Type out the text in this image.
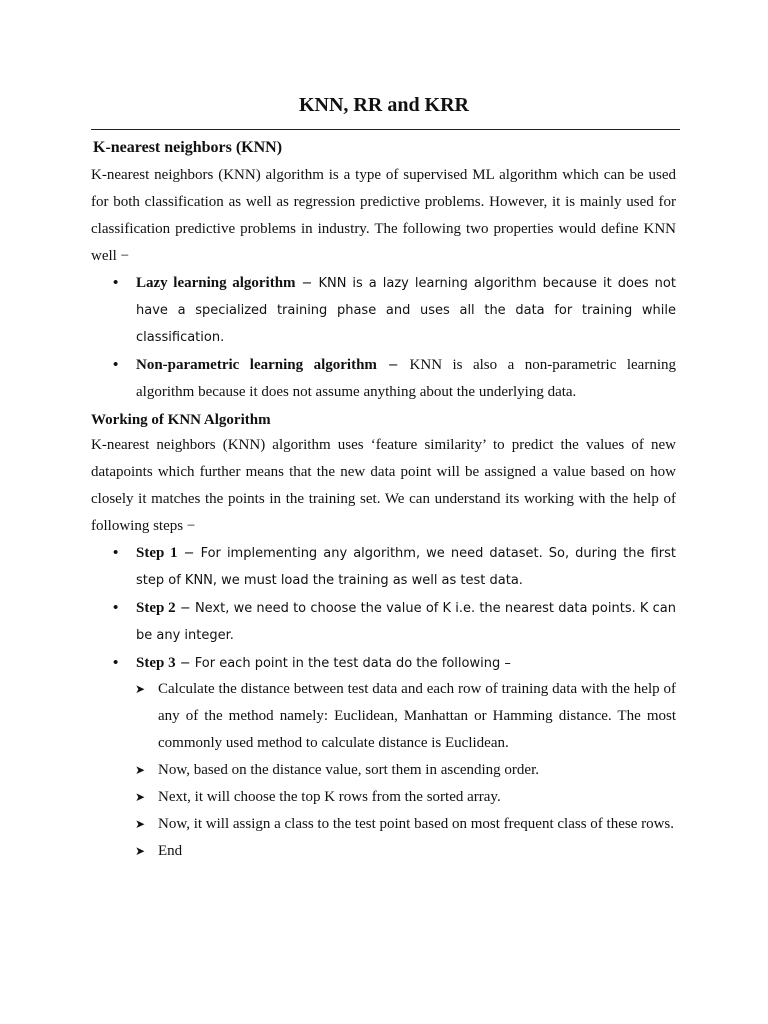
KNN, RR and KRR
K-nearest neighbors (KNN)
K-nearest neighbors (KNN) algorithm is a type of supervised ML algorithm which can be used for both classification as well as regression predictive problems. However, it is mainly used for classification predictive problems in industry. The following two properties would define KNN well −
• Lazy learning algorithm − KNN is a lazy learning algorithm because it does not have a specialized training phase and uses all the data for training while classification.
• Non-parametric learning algorithm − KNN is also a non-parametric learning algorithm because it does not assume anything about the underlying data.
Working of KNN Algorithm
K-nearest neighbors (KNN) algorithm uses ‘feature similarity’ to predict the values of new datapoints which further means that the new data point will be assigned a value based on how closely it matches the points in the training set. We can understand its working with the help of following steps −
• Step 1 − For implementing any algorithm, we need dataset. So, during the first step of KNN, we must load the training as well as test data.
• Step 2 − Next, we need to choose the value of K i.e. the nearest data points. K can be any integer.
• Step 3 − For each point in the test data do the following –
➤ Calculate the distance between test data and each row of training data with the help of any of the method namely: Euclidean, Manhattan or Hamming distance. The most commonly used method to calculate distance is Euclidean.
➤ Now, based on the distance value, sort them in ascending order.
➤ Next, it will choose the top K rows from the sorted array.
➤ Now, it will assign a class to the test point based on most frequent class of these rows.
➤ End
